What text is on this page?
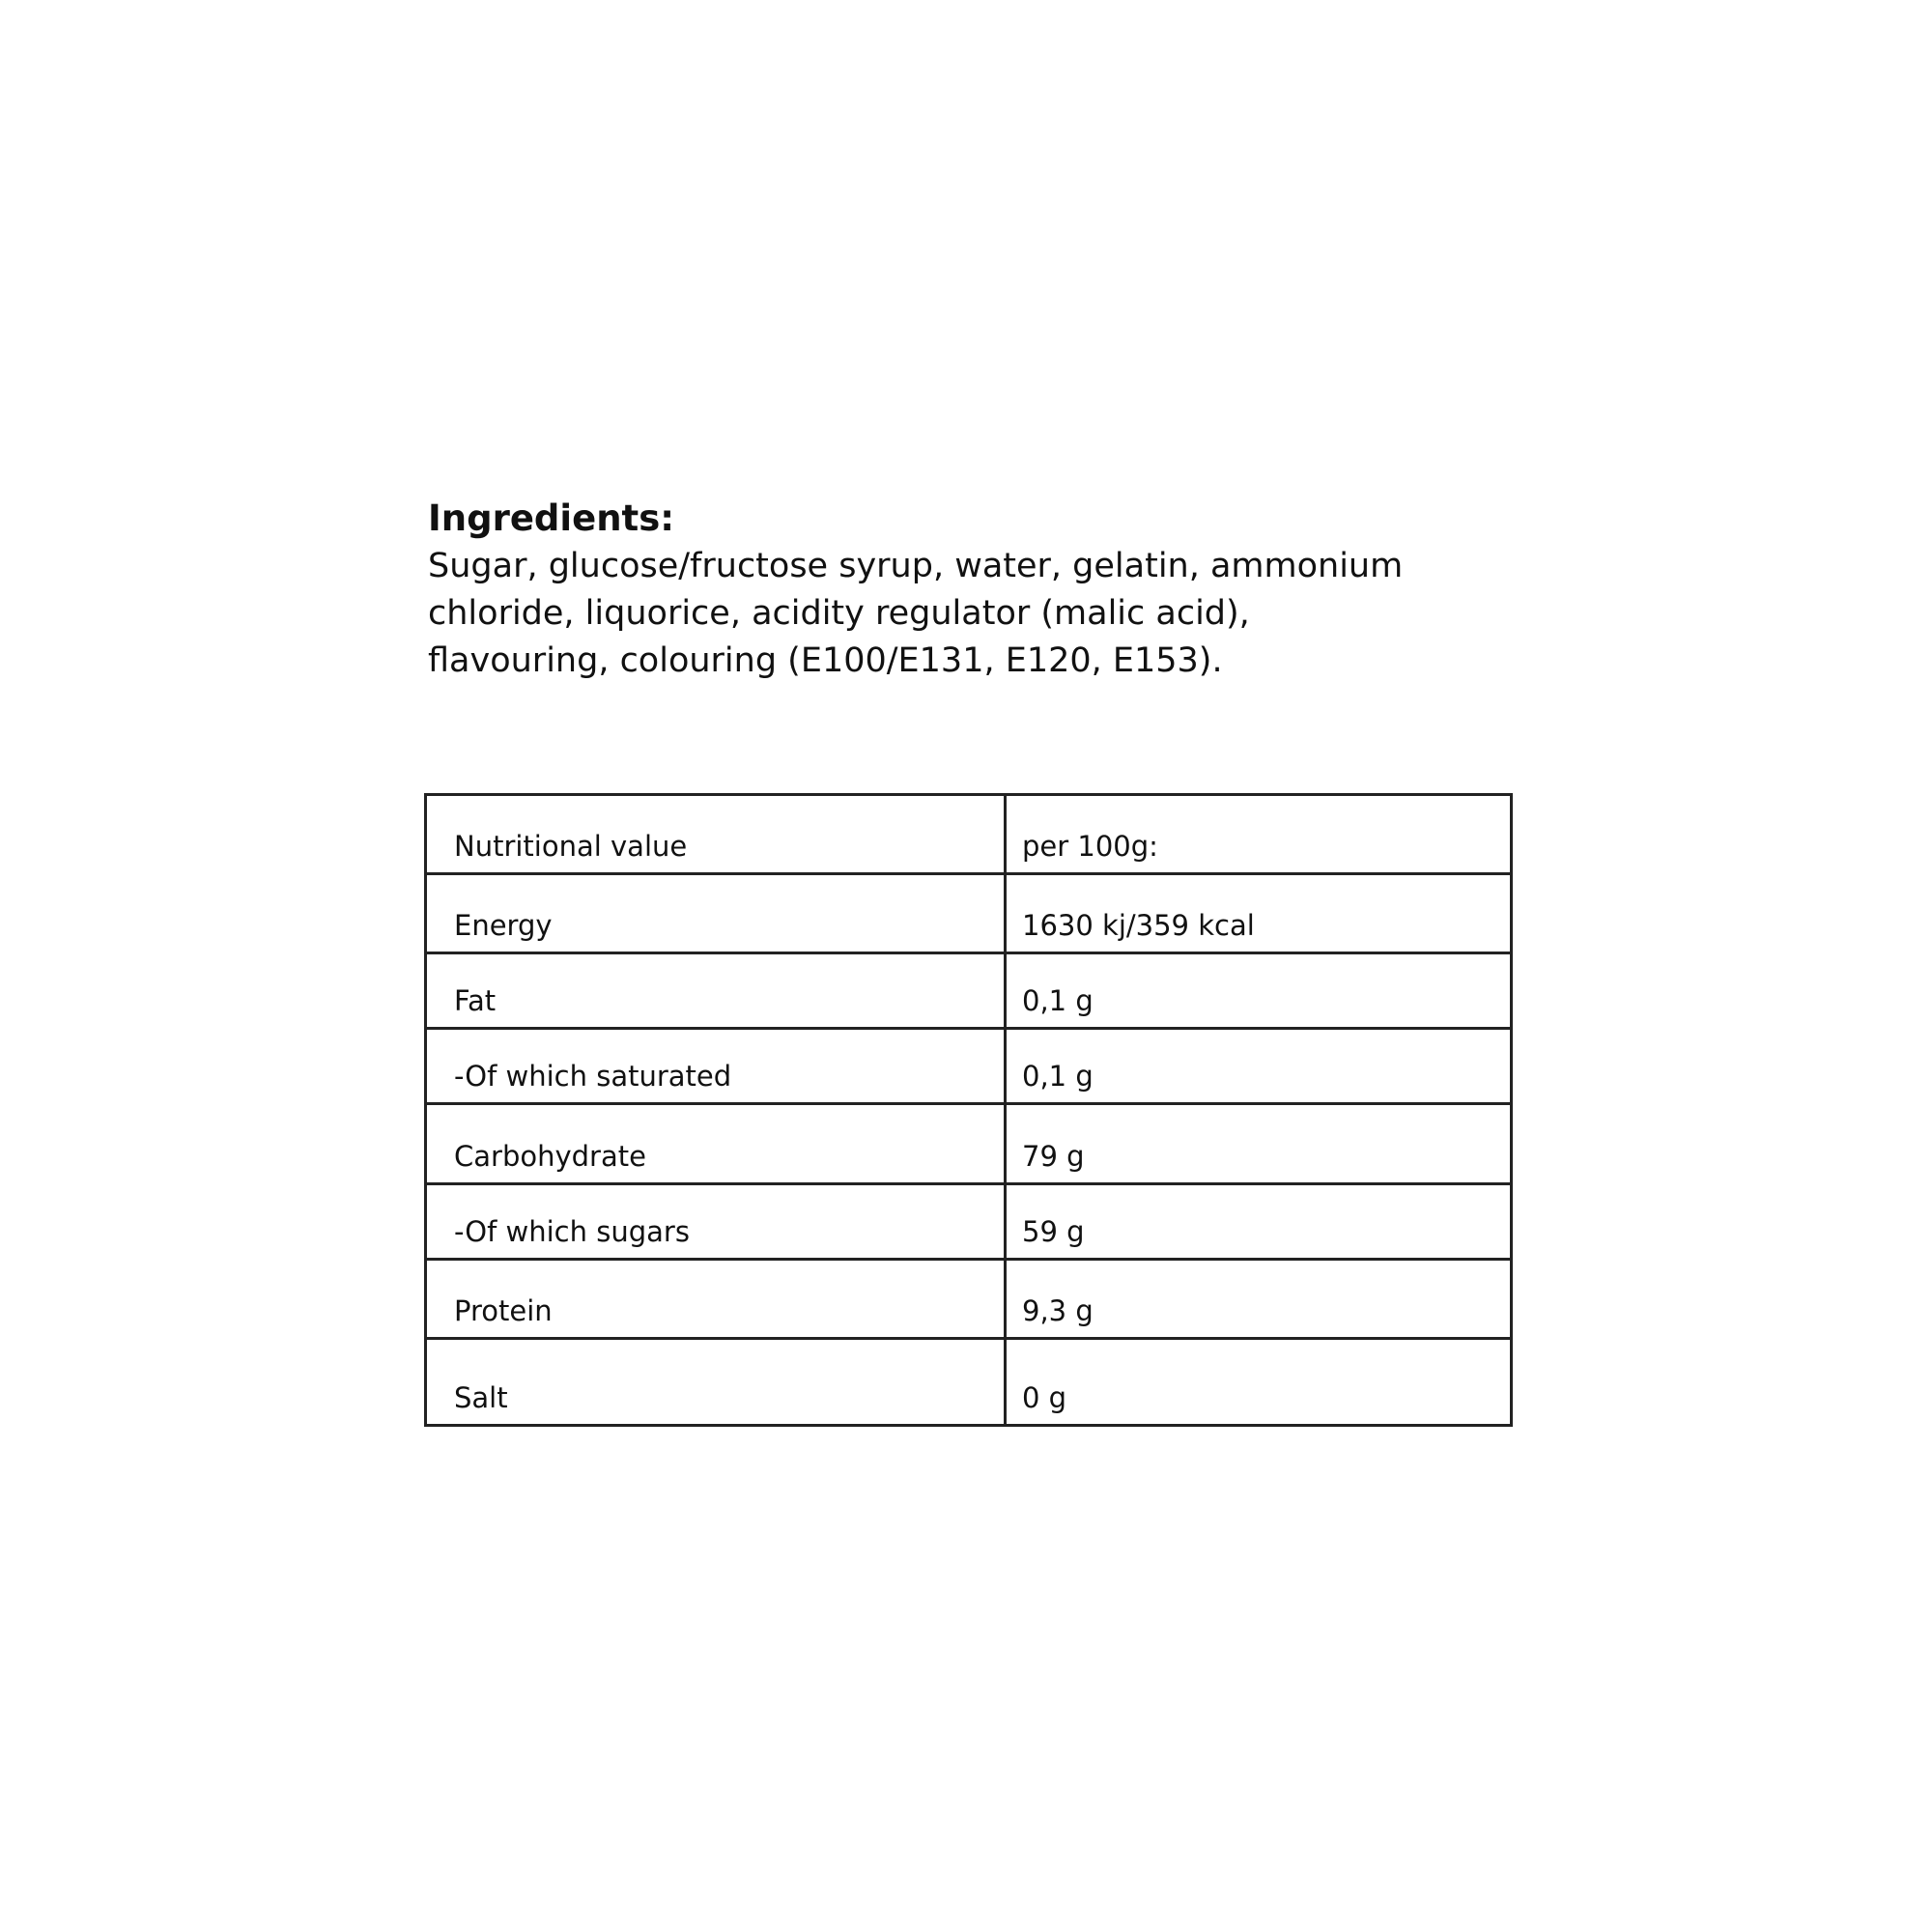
Ingredients:

Sugar, glucose/fructose syrup, water, gelatin, ammonium chloride, liquorice, acidity regulator (malic acid), flavouring, colouring (E100/E131, E120, E153).

Nutritional value	per 100g:
Energy	1630 kj/359 kcal
Fat	0,1 g
-Of which saturated	0,1 g
Carbohydrate	79 g
-Of which sugars	59 g
Protein	9,3 g
Salt	0 g
